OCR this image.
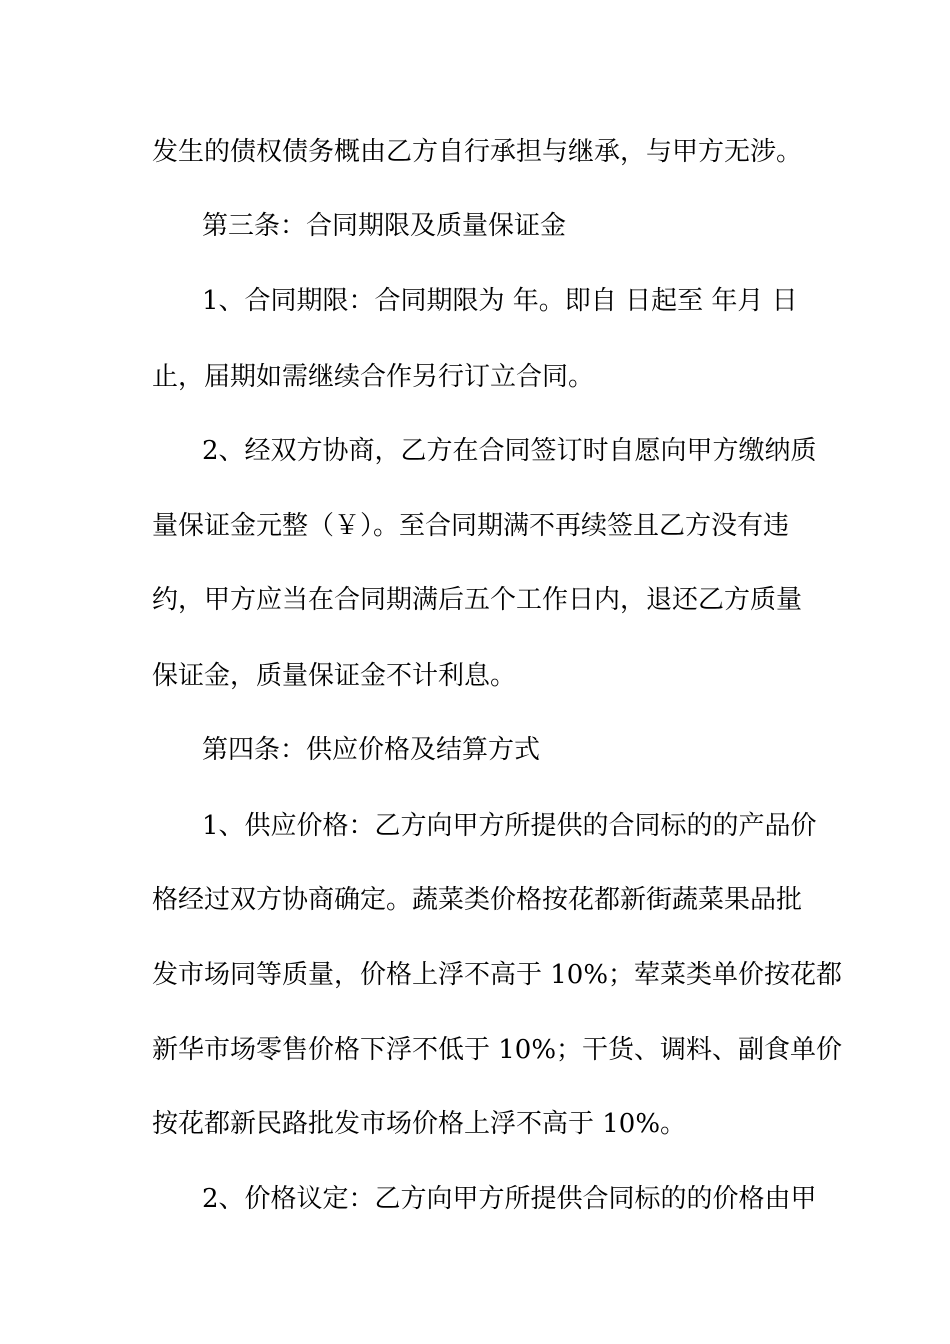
发生的债权债务概由乙方自行承担与继承，与甲方无涉。
第三条：合同期限及质量保证金
1、合同期限：合同期限为 年。即自 日起至 年月 日
止，届期如需继续合作另行订立合同。
2、经双方协商，乙方在合同签订时自愿向甲方缴纳质
量保证金元整（￥）。至合同期满不再续签且乙方没有违
约，甲方应当在合同期满后五个工作日内，退还乙方质量
保证金，质量保证金不计利息。
第四条：供应价格及结算方式
1、供应价格：乙方向甲方所提供的合同标的的产品价
格经过双方协商确定。蔬菜类价格按花都新街蔬菜果品批
发市场同等质量，价格上浮不高于 10%；荤菜类单价按花都
新华市场零售价格下浮不低于 10%；干货、调料、副食单价
按花都新民路批发市场价格上浮不高于 10%。
2、价格议定：乙方向甲方所提供合同标的的价格由甲
